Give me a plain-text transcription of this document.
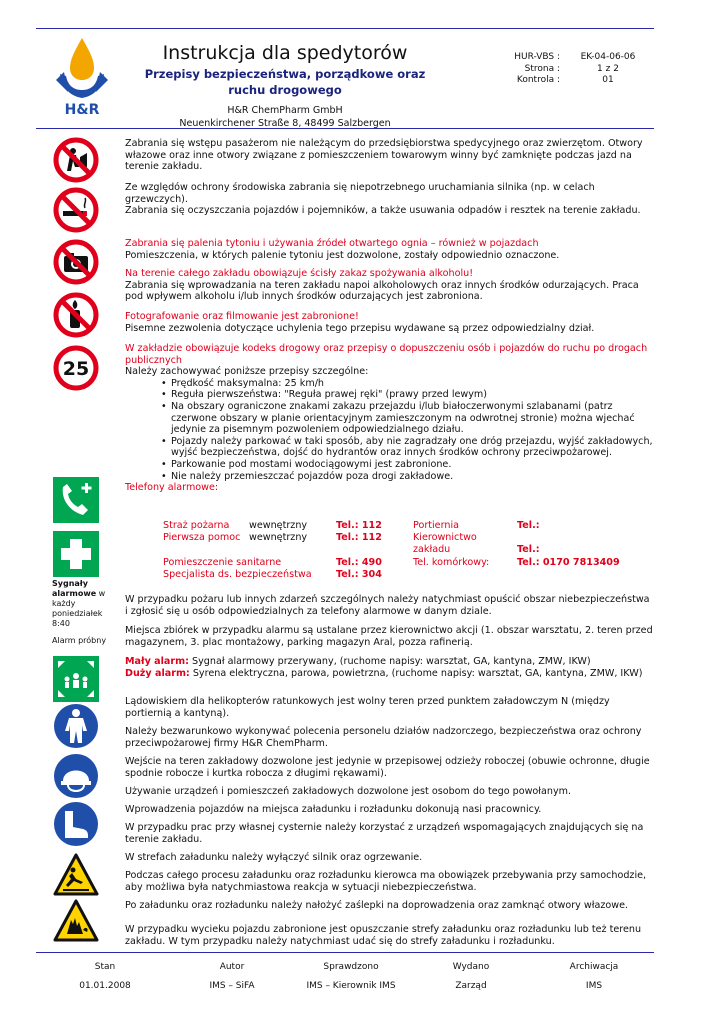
H&R
Instrukcja dla spedytorów
Przepisy bezpieczeństwa, porządkowe oraz ruchu drogowego
H&R ChemPharm GmbH
Neuenkirchener Straße 8, 48499 Salzbergen
HUR-VBS :	EK-04-06-06
Strona :	1 z 2
Kontrola :	01
25
Sygnały alarmowe w każdy poniedziałek 8:40
Alarm próbny
Zabrania się wstępu pasażerom nie należącym do przedsiębiorstwa spedycyjnego oraz zwierzętom. Otwory włazowe oraz inne otwory związane z pomieszczeniem towarowym winny być zamknięte podczas jazd na terenie zakładu.
Ze względów ochrony środowiska zabrania się niepotrzebnego uruchamiania silnika (np. w celach grzewczych).
Zabrania się oczyszczania pojazdów i pojemników, a także usuwania odpadów i resztek na terenie zakładu.
Zabrania się palenia tytoniu i używania źródeł otwartego ognia – również w pojazdach
Pomieszczenia, w których palenie tytoniu jest dozwolone, zostały odpowiednio oznaczone.
Na terenie całego zakładu obowiązuje ścisły zakaz spożywania alkoholu!
Zabrania się wprowadzania na teren zakładu napoi alkoholowych oraz innych środków odurzających. Praca pod wpływem alkoholu i/lub innych środków odurzających jest zabroniona.
Fotografowanie oraz filmowanie jest zabronione!
Pisemne zezwolenia dotyczące uchylenia tego przepisu wydawane są przez odpowiedzialny dział.
W zakładzie obowiązuje kodeks drogowy oraz przepisy o dopuszczeniu osób i pojazdów do ruchu po drogach publicznych
Należy zachowywać poniższe przepisy szczególne:
• Prędkość maksymalna: 25 km/h
• Reguła pierwszeństwa: "Reguła prawej ręki" (prawy przed lewym)
• Na obszary ograniczone znakami zakazu przejazdu i/lub białoczerwonymi szlabanami (patrz czerwone obszary w planie orientacyjnym zamieszczonym na odwrotnej stronie) można wjechać jedynie za pisemnym pozwoleniem odpowiedzialnego działu.
• Pojazdy należy parkować w taki sposób, aby nie zagradzały one dróg przejazdu, wyjść zakładowych, wyjść bezpieczeństwa, dojść do hydrantów oraz innych środków ochrony przeciwpożarowej.
• Parkowanie pod mostami wodociągowymi jest zabronione.
• Nie należy przemieszczać pojazdów poza drogi zakładowe.
Telefony alarmowe:
Straż pożarna wewnętrzny	Tel.: 112
Pierwsza pomoc wewnętrzny	Tel.: 112
Pomieszczenie sanitarne	Tel.: 490
Specjalista ds. bezpieczeństwa	Tel.: 304
Portiernia	Tel.:
Kierownictwo zakładu	Tel.:
Tel. komórkowy:	Tel.: 0170 7813409
W przypadku pożaru lub innych zdarzeń szczególnych należy natychmiast opuścić obszar niebezpieczeństwa i zgłosić się u osób odpowiedzialnych za telefony alarmowe w danym dziale.
Miejsca zbiórek w przypadku alarmu są ustalane przez kierownictwo akcji (1. obszar warsztatu, 2. teren przed magazynem, 3. plac montażowy, parking magazyn Aral, pozza rafinerią.
Mały alarm: Sygnał alarmowy przerywany, (ruchome napisy: warsztat, GA, kantyna, ZMW, IKW)
Duży alarm: Syrena elektryczna, parowa, powietrzna, (ruchome napisy: warsztat, GA, kantyna, ZMW, IKW)
Lądowiskiem dla helikopterów ratunkowych jest wolny teren przed punktem załadowczym N (między portiernią a kantyną).
Należy bezwarunkowo wykonywać polecenia personelu działów nadzorczego, bezpieczeństwa oraz ochrony przeciwpożarowej firmy H&R ChemPharm.
Wejście na teren zakładowy dozwolone jest jedynie w przepisowej odzieży roboczej (obuwie ochronne, długie spodnie robocze i kurtka robocza z długimi rękawami).
Używanie urządzeń i pomieszczeń zakładowych dozwolone jest osobom do tego powołanym.
Wprowadzenia pojazdów na miejsca załadunku i rozładunku dokonują nasi pracownicy.
W przypadku prac przy własnej cysternie należy korzystać z urządzeń wspomagających znajdujących się na terenie zakładu.
W strefach załadunku należy wyłączyć silnik oraz ogrzewanie.
Podczas całego procesu załadunku oraz rozładunku kierowca ma obowiązek przebywania przy samochodzie, aby możliwa była natychmiastowa reakcja w sytuacji niebezpieczeństwa.
Po załadunku oraz rozładunku należy nałożyć zaślepki na doprowadzenia oraz zamknąć otwory włazowe.
W przypadku wycieku pojazdu zabronione jest opuszczanie strefy załadunku oraz rozładunku lub też terenu zakładu. W tym przypadku należy natychmiast udać się do strefy załadunku i rozładunku.
Stan	Autor	Sprawdzono	Wydano	Archiwacja
01.01.2008	IMS – SiFA	IMS – Kierownik IMS	Zarząd	IMS
